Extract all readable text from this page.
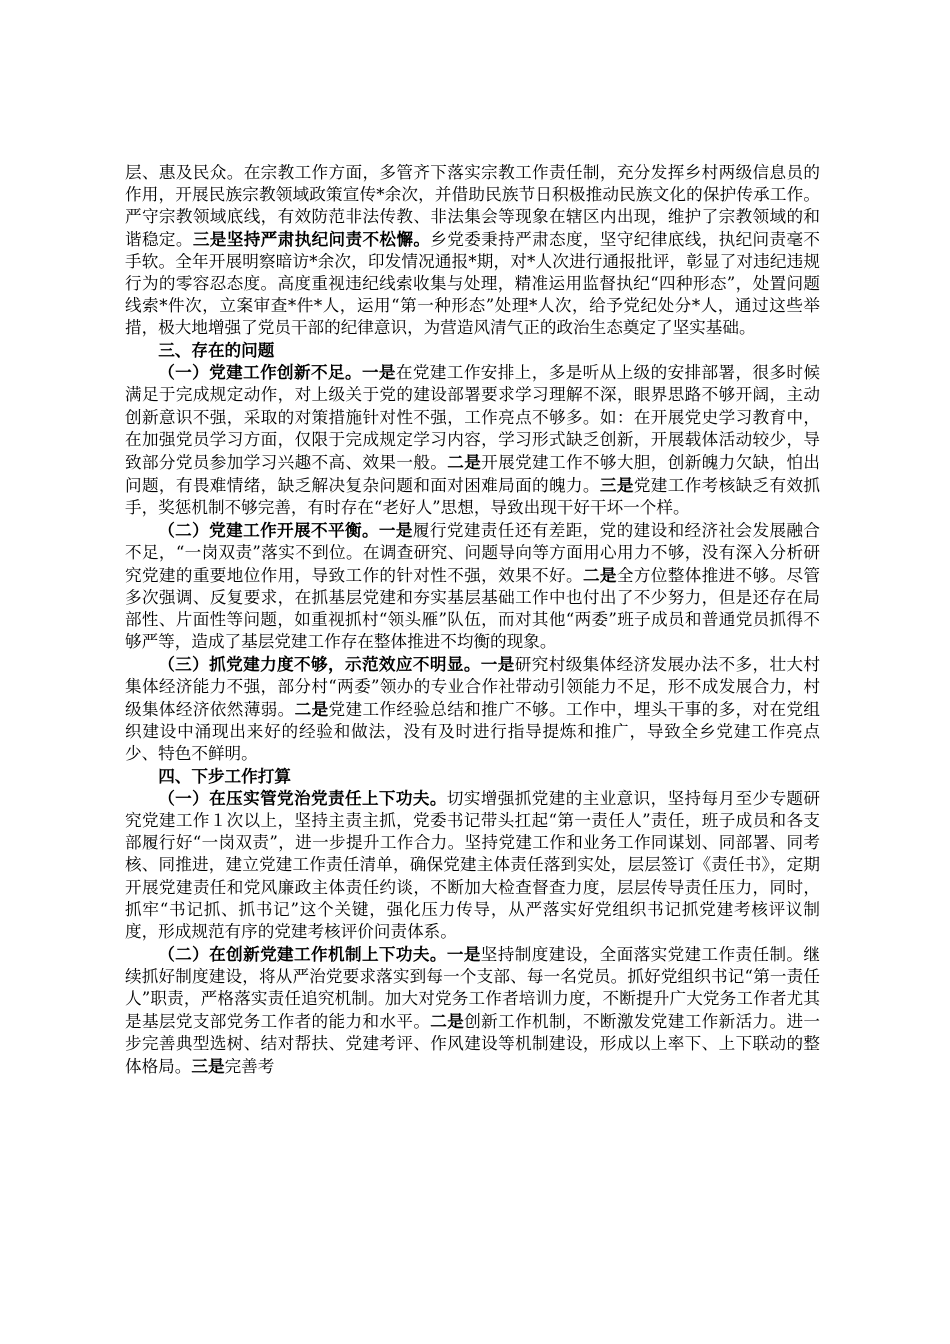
层、惠及民众。在宗教工作方面，多管齐下落实宗教工作责任制，充分发挥乡村两级信息员的作用，开展民族宗教领域政策宣传*余次，并借助民族节日积极推动民族文化的保护传承工作。严守宗教领域底线，有效防范非法传教、非法集会等现象在辖区内出现，维护了宗教领域的和谐稳定。三是坚持严肃执纪问责不松懈。乡党委秉持严肃态度，坚守纪律底线，执纪问责毫不手软。全年开展明察暗访*余次，印发情况通报*期，对*人次进行通报批评，彰显了对违纪违规行为的零容忍态度。高度重视违纪线索收集与处理，精准运用监督执纪“四种形态”，处置问题线索*件次，立案审查*件*人，运用“第一种形态”处理*人次，给予党纪处分*人，通过这些举措，极大地增强了党员干部的纪律意识，为营造风清气正的政治生态奠定了坚实基础。

三、存在的问题

（一）党建工作创新不足。一是在党建工作安排上，多是听从上级的安排部署，很多时候满足于完成规定动作，对上级关于党的建设部署要求学习理解不深，眼界思路不够开阔，主动创新意识不强，采取的对策措施针对性不强，工作亮点不够多。如：在开展党史学习教育中，在加强党员学习方面，仅限于完成规定学习内容，学习形式缺乏创新，开展载体活动较少，导致部分党员参加学习兴趣不高、效果一般。二是开展党建工作不够大胆，创新魄力欠缺，怕出问题，有畏难情绪，缺乏解决复杂问题和面对困难局面的魄力。三是党建工作考核缺乏有效抓手，奖惩机制不够完善，有时存在“老好人”思想，导致出现干好干坏一个样。

（二）党建工作开展不平衡。一是履行党建责任还有差距，党的建设和经济社会发展融合不足，“一岗双责”落实不到位。在调查研究、问题导向等方面用心用力不够，没有深入分析研究党建的重要地位作用，导致工作的针对性不强，效果不好。二是全方位整体推进不够。尽管多次强调、反复要求，在抓基层党建和夯实基层基础工作中也付出了不少努力，但是还存在局部性、片面性等问题，如重视抓村“领头雁”队伍，而对其他“两委”班子成员和普通党员抓得不够严等，造成了基层党建工作存在整体推进不均衡的现象。

（三）抓党建力度不够，示范效应不明显。一是研究村级集体经济发展办法不多，壮大村集体经济能力不强，部分村“两委”领办的专业合作社带动引领能力不足，形不成发展合力，村级集体经济依然薄弱。二是党建工作经验总结和推广不够。工作中，埋头干事的多，对在党组织建设中涌现出来好的经验和做法，没有及时进行指导提炼和推广，导致全乡党建工作亮点少、特色不鲜明。

四、下步工作打算

（一）在压实管党治党责任上下功夫。切实增强抓党建的主业意识，坚持每月至少专题研究党建工作１次以上，坚持主责主抓，党委书记带头扛起“第一责任人”责任，班子成员和各支部履行好“一岗双责”，进一步提升工作合力。坚持党建工作和业务工作同谋划、同部署、同考核、同推进，建立党建工作责任清单，确保党建主体责任落到实处，层层签订《责任书》，定期开展党建责任和党风廉政主体责任约谈，不断加大检查督查力度，层层传导责任压力，同时，抓牢“书记抓、抓书记”这个关键，强化压力传导，从严落实好党组织书记抓党建考核评议制度，形成规范有序的党建考核评价问责体系。

（二）在创新党建工作机制上下功夫。一是坚持制度建设，全面落实党建工作责任制。继续抓好制度建设，将从严治党要求落实到每一个支部、每一名党员。抓好党组织书记“第一责任人”职责，严格落实责任追究机制。加大对党务工作者培训力度，不断提升广大党务工作者尤其是基层党支部党务工作者的能力和水平。二是创新工作机制，不断激发党建工作新活力。进一步完善典型选树、结对帮扶、党建考评、作风建设等机制建设，形成以上率下、上下联动的整体格局。三是完善考
